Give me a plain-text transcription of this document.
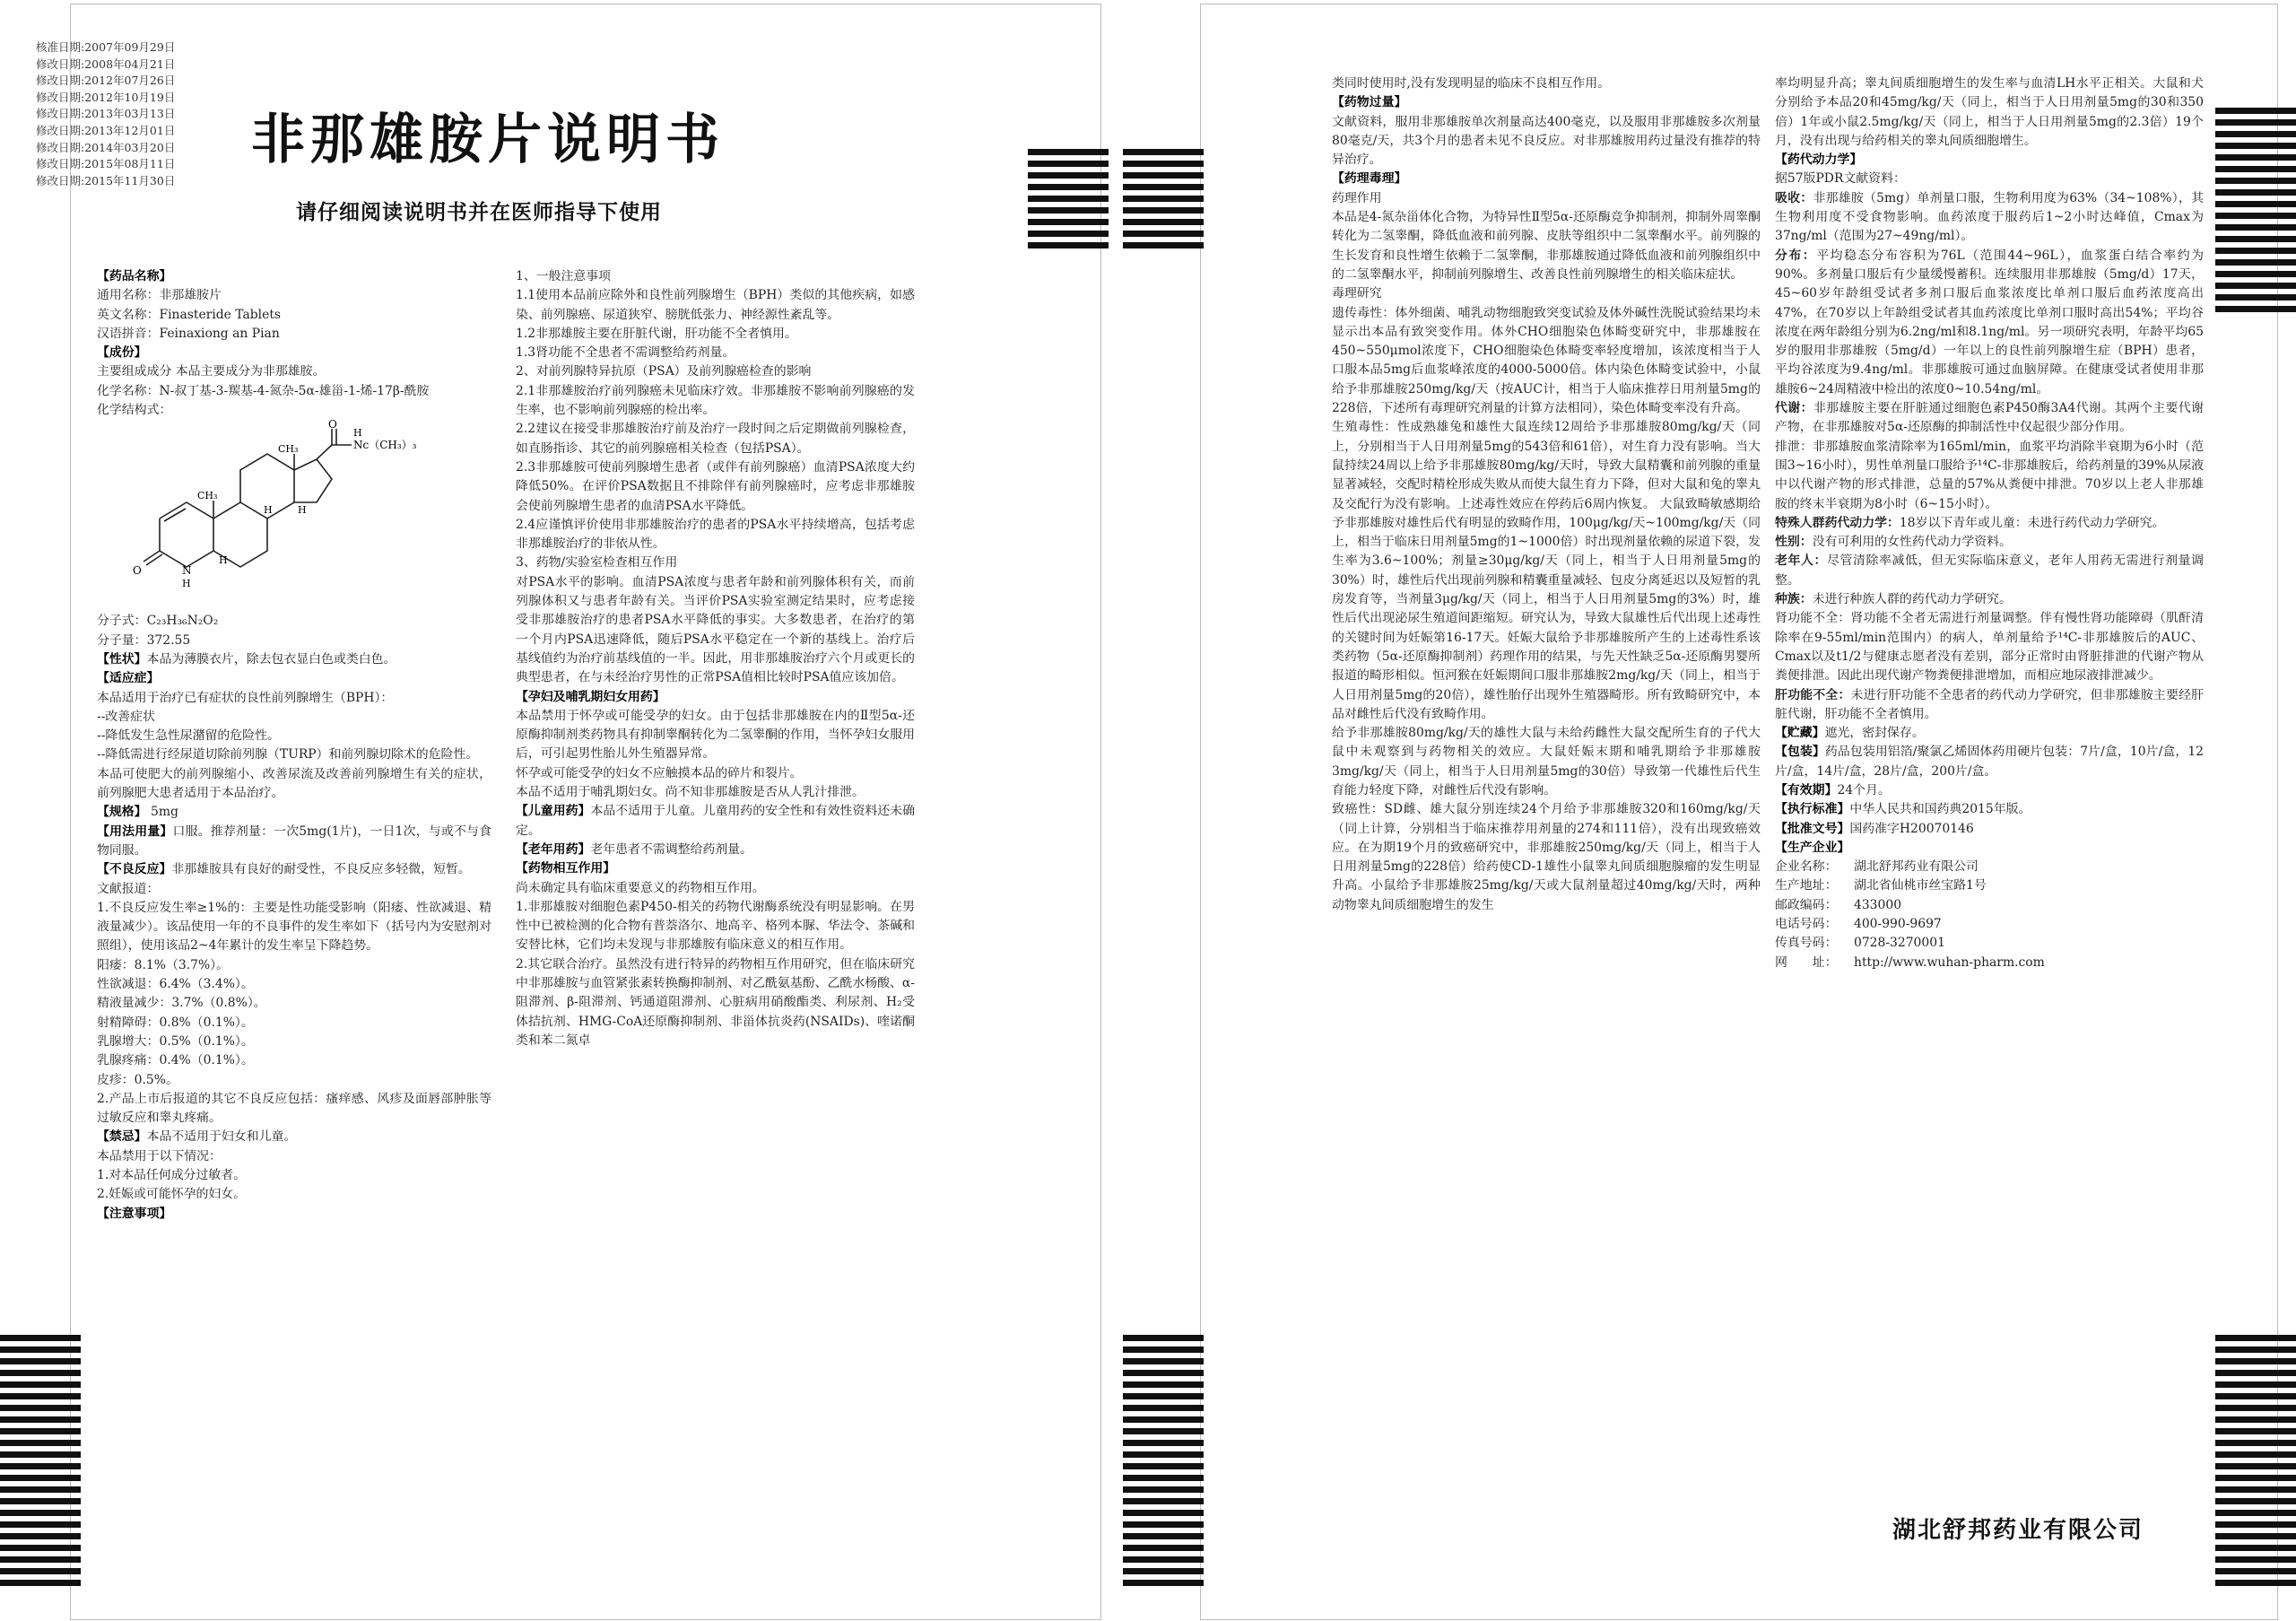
核准日期:2007年09月29日
修改日期:2008年04月21日
修改日期:2012年07月26日
修改日期:2012年10月19日
修改日期:2013年03月13日
修改日期:2013年12月01日
修改日期:2014年03月20日
修改日期:2015年08月11日
修改日期:2015年11月30日
非那雄胺片说明书
请仔细阅读说明书并在医师指导下使用

【药品名称】

通用名称：非那雄胺片

英文名称：Finasteride Tablets

汉语拼音：Feinaxiong an Pian

【成份】

主要组成成分 本品主要成分为非那雄胺。

化学名称：N-叔丁基-3-羰基-4-氮杂-5α-雄甾-1-烯-17β-酰胺

化学结构式：

O
Nc（CH₃）₃
H
CH₃
CH₃
O	N
H
H
H	H

分子式：C₂₃H₃₆N₂O₂

分子量：372.55

【性状】本品为薄膜衣片，除去包衣显白色或类白色。

【适应症】

本品适用于治疗已有症状的良性前列腺增生（BPH）：

--改善症状

--降低发生急性尿潴留的危险性。

--降低需进行经尿道切除前列腺（TURP）和前列腺切除术的危险性。

本品可使肥大的前列腺缩小、改善尿流及改善前列腺增生有关的症状，前列腺肥大患者适用于本品治疗。

【规格】 5mg

【用法用量】口服。推荐剂量：一次5mg(1片)，一日1次，与或不与食物同服。

【不良反应】非那雄胺具有良好的耐受性，不良反应多轻微，短暂。

文献报道：

1.不良反应发生率≥1%的：主要是性功能受影响（阳痿、性欲减退、精液量减少）。该品使用一年的不良事件的发生率如下（括号内为安慰剂对照组），使用该品2~4年累计的发生率呈下降趋势。

阳痿：8.1%（3.7%）。

性欲减退：6.4%（3.4%）。

精液量减少：3.7%（0.8%）。

射精障碍：0.8%（0.1%）。

乳腺增大：0.5%（0.1%）。

乳腺疼痛：0.4%（0.1%）。

皮疹：0.5%。

2.产品上市后报道的其它不良反应包括：瘙痒感、风疹及面唇部肿胀等过敏反应和睾丸疼痛。

【禁忌】本品不适用于妇女和儿童。

本品禁用于以下情况：

1.对本品任何成分过敏者。

2.妊娠或可能怀孕的妇女。

【注意事项】

1、一般注意事项

1.1使用本品前应除外和良性前列腺增生（BPH）类似的其他疾病，如感染、前列腺癌、尿道狭窄、膀胱低张力、神经源性紊乱等。

1.2非那雄胺主要在肝脏代谢，肝功能不全者慎用。

1.3肾功能不全患者不需调整给药剂量。

2、对前列腺特异抗原（PSA）及前列腺癌检查的影响

2.1非那雄胺治疗前列腺癌未见临床疗效。非那雄胺不影响前列腺癌的发生率，也不影响前列腺癌的检出率。

2.2建议在接受非那雄胺治疗前及治疗一段时间之后定期做前列腺检查，如直肠指诊、其它的前列腺癌相关检查（包括PSA）。

2.3非那雄胺可使前列腺增生患者（或伴有前列腺癌）血清PSA浓度大约降低50%。在评价PSA数据且不排除伴有前列腺癌时，应考虑非那雄胺会使前列腺增生患者的血清PSA水平降低。

2.4应谨慎评价使用非那雄胺治疗的患者的PSA水平持续增高，包括考虑非那雄胺治疗的非依从性。

3、药物/实验室检查相互作用

对PSA水平的影响。血清PSA浓度与患者年龄和前列腺体积有关，而前列腺体积又与患者年龄有关。当评价PSA实验室测定结果时，应考虑接受非那雄胺治疗的患者PSA水平降低的事实。大多数患者，在治疗的第一个月内PSA迅速降低，随后PSA水平稳定在一个新的基线上。治疗后基线值约为治疗前基线值的一半。因此，用非那雄胺治疗六个月或更长的典型患者，在与未经治疗男性的正常PSA值相比较时PSA值应该加倍。

【孕妇及哺乳期妇女用药】

本品禁用于怀孕或可能受孕的妇女。由于包括非那雄胺在内的Ⅱ型5α-还原酶抑制剂类药物具有抑制睾酮转化为二氢睾酮的作用，当怀孕妇女服用后，可引起男性胎儿外生殖器异常。

怀孕或可能受孕的妇女不应触摸本品的碎片和裂片。

本品不适用于哺乳期妇女。尚不知非那雄胺是否从人乳汁排泄。

【儿童用药】本品不适用于儿童。儿童用药的安全性和有效性资料还未确定。

【老年用药】老年患者不需调整给药剂量。

【药物相互作用】

尚未确定具有临床重要意义的药物相互作用。

1.非那雄胺对细胞色素P450-相关的药物代谢酶系统没有明显影响。在男性中已被检测的化合物有普萘洛尔、地高辛、格列本脲、华法令、茶碱和安替比林，它们均未发现与非那雄胺有临床意义的相互作用。

2.其它联合治疗。虽然没有进行特异的药物相互作用研究，但在临床研究中非那雄胺与血管紧张素转换酶抑制剂、对乙酰氨基酚、乙酰水杨酸、α-阻滞剂、β-阻滞剂、钙通道阻滞剂、心脏病用硝酸酯类、利尿剂、H₂受体拮抗剂、HMG-CoA还原酶抑制剂、非甾体抗炎药(NSAIDs)、喹诺酮类和苯二氮卓

类同时使用时,没有发现明显的临床不良相互作用。

【药物过量】

文献资料，服用非那雄胺单次剂量高达400毫克，以及服用非那雄胺多次剂量80毫克/天，共3个月的患者未见不良反应。对非那雄胺用药过量没有推荐的特异治疗。

【药理毒理】

药理作用

本品是4-氮杂甾体化合物，为特异性Ⅱ型5α-还原酶竞争抑制剂，抑制外周睾酮转化为二氢睾酮，降低血液和前列腺、皮肤等组织中二氢睾酮水平。前列腺的生长发育和良性增生依赖于二氢睾酮，非那雄胺通过降低血液和前列腺组织中的二氢睾酮水平，抑制前列腺增生、改善良性前列腺增生的相关临床症状。

毒理研究

遗传毒性：体外细菌、哺乳动物细胞致突变试验及体外碱性洗脱试验结果均未显示出本品有致突变作用。体外CHO细胞染色体畸变研究中，非那雄胺在450~550μmol浓度下，CHO细胞染色体畸变率轻度增加，该浓度相当于人口服本品5mg后血浆峰浓度的4000-5000倍。体内染色体畸变试验中，小鼠给予非那雄胺250mg/kg/天（按AUC计，相当于人临床推荐日用剂量5mg的228倍，下述所有毒理研究剂量的计算方法相同），染色体畸变率没有升高。

生殖毒性：性成熟雄兔和雄性大鼠连续12周给予非那雄胺80mg/kg/天（同上，分别相当于人日用剂量5mg的543倍和61倍），对生育力没有影响。当大鼠持续24周以上给予非那雄胺80mg/kg/天时，导致大鼠精囊和前列腺的重量显著减轻，交配时精栓形成失败从而使大鼠生育力下降，但对大鼠和兔的睾丸及交配行为没有影响。上述毒性效应在停药后6周内恢复。 大鼠致畸敏感期给予非那雄胺对雄性后代有明显的致畸作用，100μg/kg/天~100mg/kg/天（同上，相当于临床日用剂量5mg的1~1000倍）时出现剂量依赖的尿道下裂，发生率为3.6~100%；剂量≥30μg/kg/天（同上，相当于人日用剂量5mg的30%）时，雄性后代出现前列腺和精囊重量减轻、包皮分离延迟以及短暂的乳房发育等，当剂量3μg/kg/天（同上，相当于人日用剂量5mg的3%）时，雄性后代出现泌尿生殖道间距缩短。研究认为，导致大鼠雄性后代出现上述毒性的关键时间为妊娠第16-17天。妊娠大鼠给予非那雄胺所产生的上述毒性系该类药物（5α-还原酶抑制剂）药理作用的结果，与先天性缺乏5α-还原酶男婴所报道的畸形相似。恒河猴在妊娠期间口服非那雄胺2mg/kg/天（同上，相当于人日用剂量5mg的20倍），雄性胎仔出现外生殖器畸形。所有致畸研究中，本品对雌性后代没有致畸作用。

给予非那雄胺80mg/kg/天的雄性大鼠与未给药雌性大鼠交配所生育的子代大鼠中未观察到与药物相关的效应。大鼠妊娠末期和哺乳期给予非那雄胺3mg/kg/天（同上，相当于人日用剂量5mg的30倍）导致第一代雄性后代生育能力轻度下降，对雌性后代没有影响。

致癌性：SD雌、雄大鼠分别连续24个月给予非那雄胺320和160mg/kg/天（同上计算，分别相当于临床推荐用剂量的274和111倍），没有出现致癌效应。在为期19个月的致癌研究中，非那雄胺250mg/kg/天（同上，相当于人日用剂量5mg的228倍）给药使CD-1雄性小鼠睾丸间质细胞腺瘤的发生明显升高。小鼠给予非那雄胺25mg/kg/天或大鼠剂量超过40mg/kg/天时，两种动物睾丸间质细胞增生的发生

率均明显升高；睾丸间质细胞增生的发生率与血清LH水平正相关。大鼠和犬分别给予本品20和45mg/kg/天（同上，相当于人日用剂量5mg的30和350倍）1年或小鼠2.5mg/kg/天（同上，相当于人日用剂量5mg的2.3倍）19个月，没有出现与给药相关的睾丸间质细胞增生。

【药代动力学】

据57版PDR文献资料：

吸收：非那雄胺（5mg）单剂量口服，生物利用度为63%（34~108%），其生物利用度不受食物影响。血药浓度于服药后1~2小时达峰值，Cmax为37ng/ml（范围为27~49ng/ml）。

分布：平均稳态分布容积为76L（范围44~96L），血浆蛋白结合率约为90%。多剂量口服后有少量缓慢蓄积。连续服用非那雄胺（5mg/d）17天，45~60岁年龄组受试者多剂口服后血浆浓度比单剂口服后血药浓度高出47%，在70岁以上年龄组受试者其血药浓度比单剂口服时高出54%；平均谷浓度在两年龄组分别为6.2ng/ml和8.1ng/ml。另一项研究表明，年龄平均65岁的服用非那雄胺（5mg/d）一年以上的良性前列腺增生症（BPH）患者，平均谷浓度为9.4ng/ml。非那雄胺可通过血脑屏障。在健康受试者使用非那雄胺6~24周精液中检出的浓度0~10.54ng/ml。

代谢：非那雄胺主要在肝脏通过细胞色素P450酶3A4代谢。其两个主要代谢产物，在非那雄胺对5α-还原酶的抑制活性中仅起很少部分作用。

排泄：非那雄胺血浆清除率为165ml/min，血浆平均消除半衰期为6小时（范围3~16小时），男性单剂量口服给予¹⁴C-非那雄胺后，给药剂量的39%从尿液中以代谢产物的形式排泄，总量的57%从粪便中排泄。70岁以上老人非那雄胺的终末半衰期为8小时（6~15小时）。

特殊人群药代动力学：18岁以下青年或儿童：未进行药代动力学研究。

性别：没有可利用的女性药代动力学资料。

老年人：尽管清除率减低，但无实际临床意义，老年人用药无需进行剂量调整。

种族：未进行种族人群的药代动力学研究。

肾功能不全：肾功能不全者无需进行剂量调整。伴有慢性肾功能障碍（肌酐清除率在9-55ml/min范围内）的病人，单剂量给予¹⁴C-非那雄胺后的AUC、Cmax以及t1/2与健康志愿者没有差别，部分正常时由肾脏排泄的代谢产物从粪便排泄。因此出现代谢产物粪便排泄增加，而相应地尿液排泄减少。

肝功能不全：未进行肝功能不全患者的药代动力学研究，但非那雄胺主要经肝脏代谢，肝功能不全者慎用。

【贮藏】遮光，密封保存。

【包装】药品包装用铝箔/聚氯乙烯固体药用硬片包装：7片/盒，10片/盒，12片/盒，14片/盒，28片/盒，200片/盒。

【有效期】24个月。

【执行标准】中华人民共和国药典2015年版。

【批准文号】国药准字H20070146

【生产企业】

企业名称：	湖北舒邦药业有限公司
生产地址：	湖北省仙桃市丝宝路1号
邮政编码：	433000
电话号码：	400-990-9697
传真号码：	0728-3270001
网　　址：	http://www.wuhan-pharm.com
湖北舒邦药业有限公司
